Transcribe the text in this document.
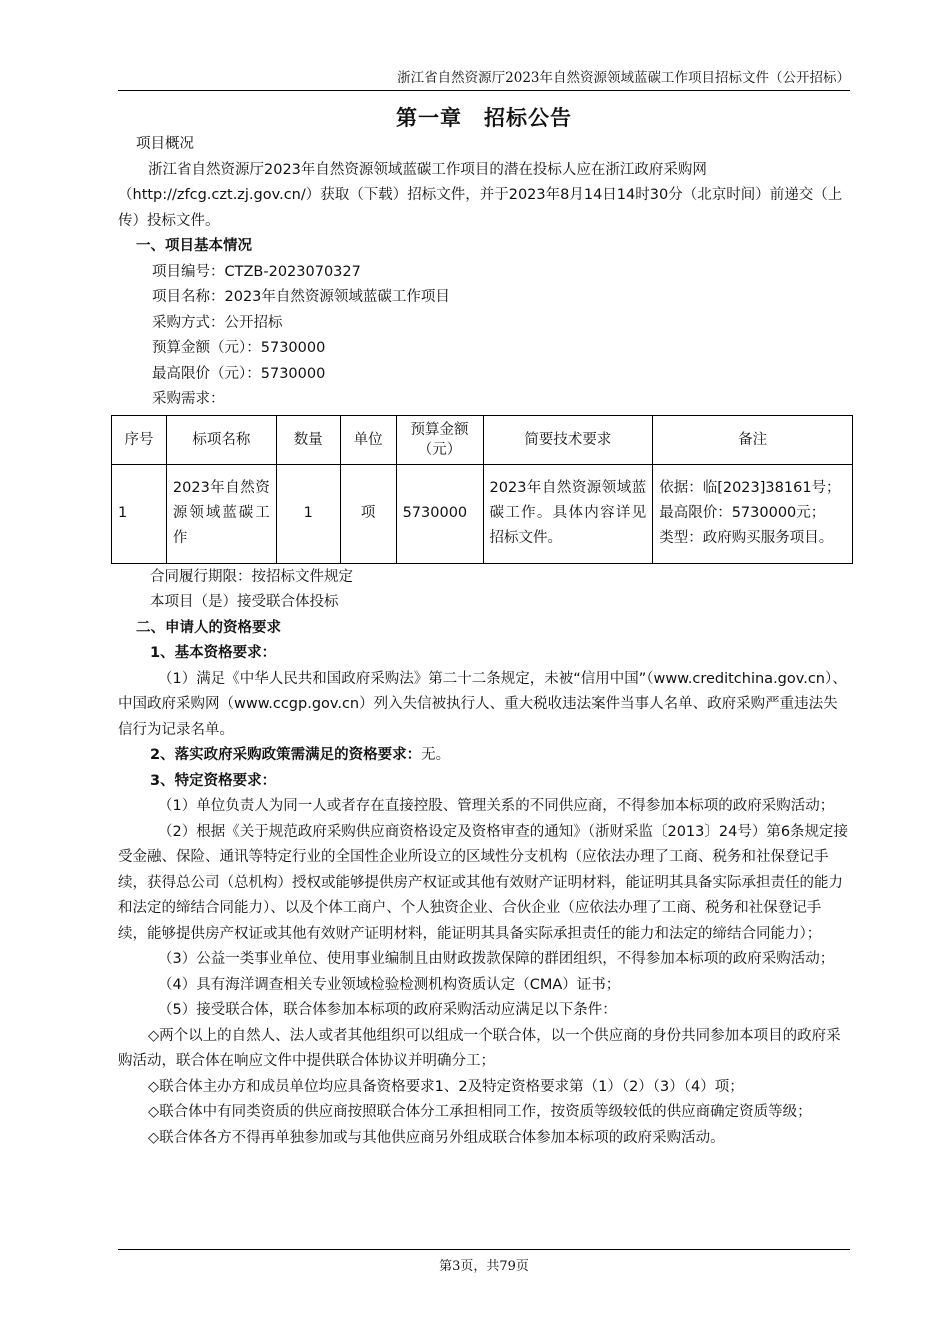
浙江省自然资源厅2023年自然资源领域蓝碳工作项目招标文件（公开招标）
第一章　招标公告

项目概况

浙江省自然资源厅2023年自然资源领域蓝碳工作项目的潜在投标人应在浙江政府采购网（http://zfcg.czt.zj.gov.cn/）获取（下载）招标文件，并于2023年8月14日14时30分（北京时间）前递交（上传）投标文件。

一、项目基本情况

项目编号：CTZB-2023070327

项目名称：2023年自然资源领域蓝碳工作项目

采购方式：公开招标

预算金额（元）：5730000

最高限价（元）：5730000

采购需求：

序号	标项名称	数量	单位	预算金额（元）	简要技术要求	备注
1	2023年自然资源领域蓝碳工作	1	项	5730000	2023年自然资源领域蓝碳工作。具体内容详见招标文件。	依据：临[2023]38161号；
最高限价：5730000元；
类型：政府购买服务项目。

合同履行期限：按招标文件规定

本项目（是）接受联合体投标

二、申请人的资格要求

1、基本资格要求：

（1）满足《中华人民共和国政府采购法》第二十二条规定，未被“信用中国”（www.creditchina.gov.cn）、中国政府采购网（www.ccgp.gov.cn）列入失信被执行人、重大税收违法案件当事人名单、政府采购严重违法失信行为记录名单。

2、落实政府采购政策需满足的资格要求：无。

3、特定资格要求：

（1）单位负责人为同一人或者存在直接控股、管理关系的不同供应商，不得参加本标项的政府采购活动；

（2）根据《关于规范政府采购供应商资格设定及资格审查的通知》（浙财采监〔2013〕24号）第6条规定接受金融、保险、通讯等特定行业的全国性企业所设立的区域性分支机构（应依法办理了工商、税务和社保登记手续，获得总公司（总机构）授权或能够提供房产权证或其他有效财产证明材料，能证明其具备实际承担责任的能力和法定的缔结合同能力）、以及个体工商户、个人独资企业、合伙企业（应依法办理了工商、税务和社保登记手续，能够提供房产权证或其他有效财产证明材料，能证明其具备实际承担责任的能力和法定的缔结合同能力）；

（3）公益一类事业单位、使用事业编制且由财政拨款保障的群团组织，不得参加本标项的政府采购活动；

（4）具有海洋调查相关专业领域检验检测机构资质认定（CMA）证书；

（5）接受联合体，联合体参加本标项的政府采购活动应满足以下条件：

◇两个以上的自然人、法人或者其他组织可以组成一个联合体，以一个供应商的身份共同参加本项目的政府采购活动，联合体在响应文件中提供联合体协议并明确分工；

◇联合体主办方和成员单位均应具备资格要求1、2及特定资格要求第（1）（2）（3）（4）项；

◇联合体中有同类资质的供应商按照联合体分工承担相同工作，按资质等级较低的供应商确定资质等级；

◇联合体各方不得再单独参加或与其他供应商另外组成联合体参加本标项的政府采购活动。

第3页，共79页
